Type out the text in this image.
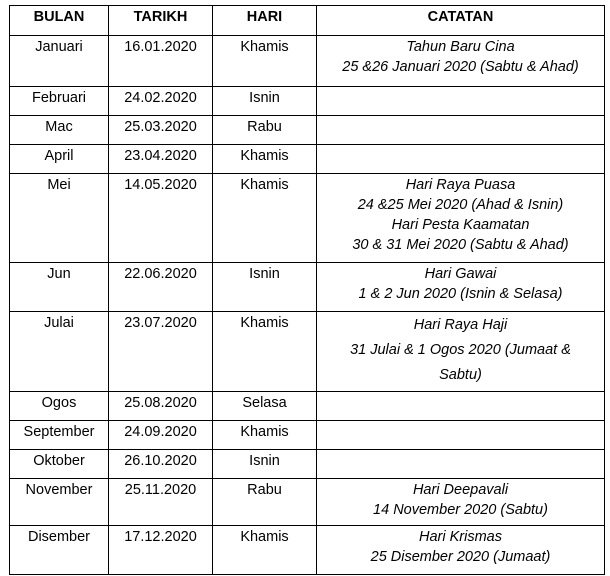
BULAN	TARIKH	HARI	CATATAN
Januari	16.01.2020	Khamis	Tahun Baru Cina
25 &26 Januari 2020 (Sabtu & Ahad)

Februari	24.02.2020	Isnin	
Mac	25.03.2020	Rabu	
April	23.04.2020	Khamis	
Mei	14.05.2020	Khamis	Hari Raya Puasa
24 &25 Mei 2020 (Ahad & Isnin)
Hari Pesta Kaamatan
30 & 31 Mei 2020 (Sabtu & Ahad)

Jun	22.06.2020	Isnin	Hari Gawai
1 & 2 Jun 2020 (Isnin & Selasa)

Julai	23.07.2020	Khamis	Hari Raya Haji
31 Julai & 1 Ogos 2020 (Jumaat &
Sabtu)

Ogos	25.08.2020	Selasa	
September	24.09.2020	Khamis	
Oktober	26.10.2020	Isnin	
November	25.11.2020	Rabu	Hari Deepavali
14 November 2020 (Sabtu)

Disember	17.12.2020	Khamis	Hari Krismas
25 Disember 2020 (Jumaat)
